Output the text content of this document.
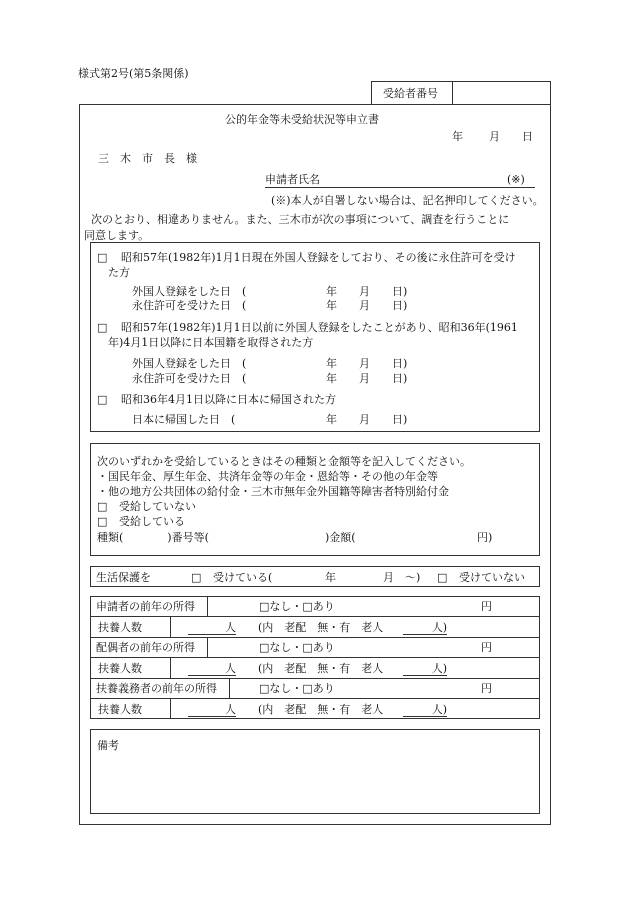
様式第2号(第5条関係)
受給者番号
公的年金等未受給状況等申立書
年 月 日
三　木　市　長　様
申請者氏名	(※)
(※)本人が自署しない場合は、記名押印してください。
次のとおり、相違ありません。また、三木市が次の事項について、調査を行うことに
同意します。
□ 昭和57年(1982年)1月1日現在外国人登録をしており、その後に永住許可を受け
た方
外国人登録をした日　(	年　　月　　日)
永住許可を受けた日　(	年　　月　　日)
□ 昭和57年(1982年)1月1日以前に外国人登録をしたことがあり、昭和36年(1961
年)4月1日以降に日本国籍を取得された方
外国人登録をした日　(	年　　月　　日)
永住許可を受けた日　(	年　　月　　日)
□ 昭和36年4月1日以降に日本に帰国された方
日本に帰国した日　(	年　　月　　日)
次のいずれかを受給しているときはその種類と金額等を記入してください。
・国民年金、厚生年金、共済年金等の年金・恩給等・その他の年金等
・他の地方公共団体の給付金・三木市無年金外国籍等障害者特別給付金
□ 受給していない
□ 受給している
種類(　　　　)番号等(	)金額(	円)
生活保護を	□ 受けている(	年	月　～) □ 受けていない
申請者の前年の所得	□なし・□あり	円
扶養人数	人 (内　老配　無・有　老人	人)
配偶者の前年の所得	□なし・□あり	円
扶養人数	人 (内　老配　無・有　老人	人)
扶養義務者の前年の所得	□なし・□あり	円
扶養人数	人 (内　老配　無・有　老人	人)
備考
